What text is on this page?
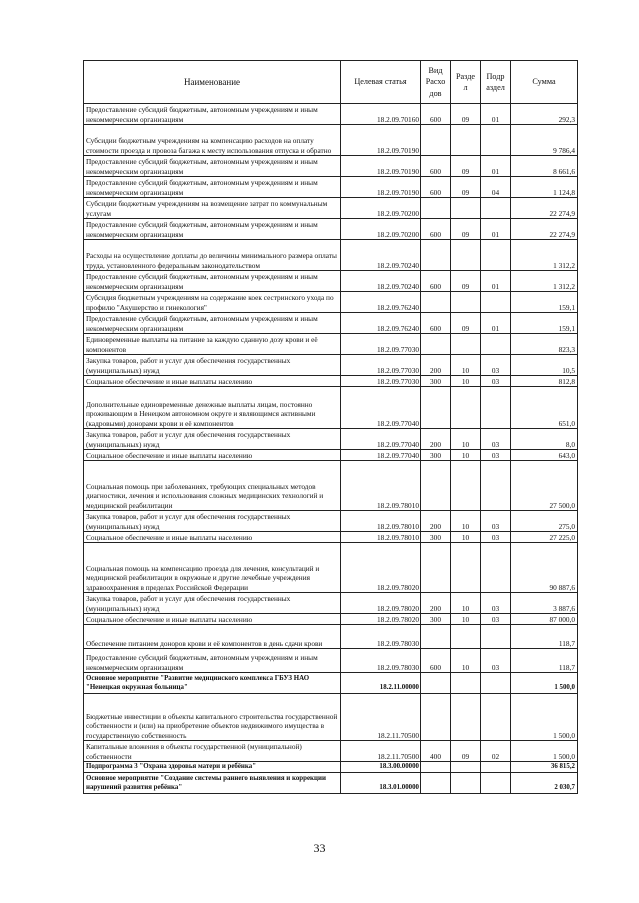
Наименование	Целевая статья	Вид Расхо дов	Разде л	Подр аздел	Сумма
Предоставление субсидий бюджетным, автономным учреждениям и иным некоммерческим организациям	18.2.09.70160	600	09	01	292,3
Субсидии бюджетным учреждениям на компенсацию расходов на оплату стоимости проезда и провоза багажа к месту использования отпуска и обратно	18.2.09.70190				9 786,4
Предоставление субсидий бюджетным, автономным учреждениям и иным некоммерческим организациям	18.2.09.70190	600	09	01	8 661,6
Предоставление субсидий бюджетным, автономным учреждениям и иным некоммерческим организациям	18.2.09.70190	600	09	04	1 124,8
Субсидии бюджетным учреждениям на возмещение затрат по коммунальным услугам	18.2.09.70200				22 274,9
Предоставление субсидий бюджетным, автономным учреждениям и иным некоммерческим организациям	18.2.09.70200	600	09	01	22 274,9
Расходы на осуществление доплаты до величины минимального размера оплаты труда, установленного федеральным законодательством	18.2.09.70240				1 312,2
Предоставление субсидий бюджетным, автономным учреждениям и иным некоммерческим организациям	18.2.09.70240	600	09	01	1 312,2
Субсидия бюджетным учреждениям на содержание коек сестринского ухода по профилю "Акушерство и гинекология"	18.2.09.76240				159,1
Предоставление субсидий бюджетным, автономным учреждениям и иным некоммерческим организациям	18.2.09.76240	600	09	01	159,1
Единовременные выплаты на питание за каждую сданную дозу крови и её компонентов	18.2.09.77030				823,3
Закупка товаров, работ и услуг для обеспечения государственных (муниципальных) нужд	18.2.09.77030	200	10	03	10,5
Социальное обеспечение и иные выплаты населению	18.2.09.77030	300	10	03	812,8
Дополнительные единовременные денежные выплаты лицам, постоянно проживающим в Ненецком автономном округе и являющимся активными (кадровыми) донорами крови и её компонентов	18.2.09.77040				651,0
Закупка товаров, работ и услуг для обеспечения государственных (муниципальных) нужд	18.2.09.77040	200	10	03	8,0
Социальное обеспечение и иные выплаты населению	18.2.09.77040	300	10	03	643,0
Социальная помощь при заболеваниях, требующих специальных методов диагностики, лечения и использования сложных медицинских технологий и медицинской реабилитации	18.2.09.78010				27 500,0
Закупка товаров, работ и услуг для обеспечения государственных (муниципальных) нужд	18.2.09.78010	200	10	03	275,0
Социальное обеспечение и иные выплаты населению	18.2.09.78010	300	10	03	27 225,0
Социальная помощь на компенсацию проезда для лечения, консультаций и медицинской реабилитации в окружные и другие лечебные учреждения здравоохранения в пределах Российской Федерации	18.2.09.78020				90 887,6
Закупка товаров, работ и услуг для обеспечения государственных (муниципальных) нужд	18.2.09.78020	200	10	03	3 887,6
Социальное обеспечение и иные выплаты населению	18.2.09.78020	300	10	03	87 000,0
Обеспечение питанием доноров крови и её компонентов в день сдачи крови	18.2.09.78030				118,7
Предоставление субсидий бюджетным, автономным учреждениям и иным некоммерческим организациям	18.2.09.78030	600	10	03	118,7
Основное мероприятие "Развитие медицинского комплекса ГБУЗ НАО "Ненецкая окружная больница"	18.2.11.00000				1 500,0
Бюджетные инвестиции в объекты капитального строительства государственной собственности и (или) на приобретение объектов недвижимого имущества в государственную собственность	18.2.11.70500				1 500,0
Капитальные вложения в объекты государственной (муниципальной) собственности	18.2.11.70500	400	09	02	1 500,0
Подпрограмма 3 "Охрана здоровья матери и ребёнка"	18.3.00.00000				36 815,2
Основное мероприятие "Создание системы раннего выявления и коррекции нарушений развития ребёнка"	18.3.01.00000				2 030,7
33
